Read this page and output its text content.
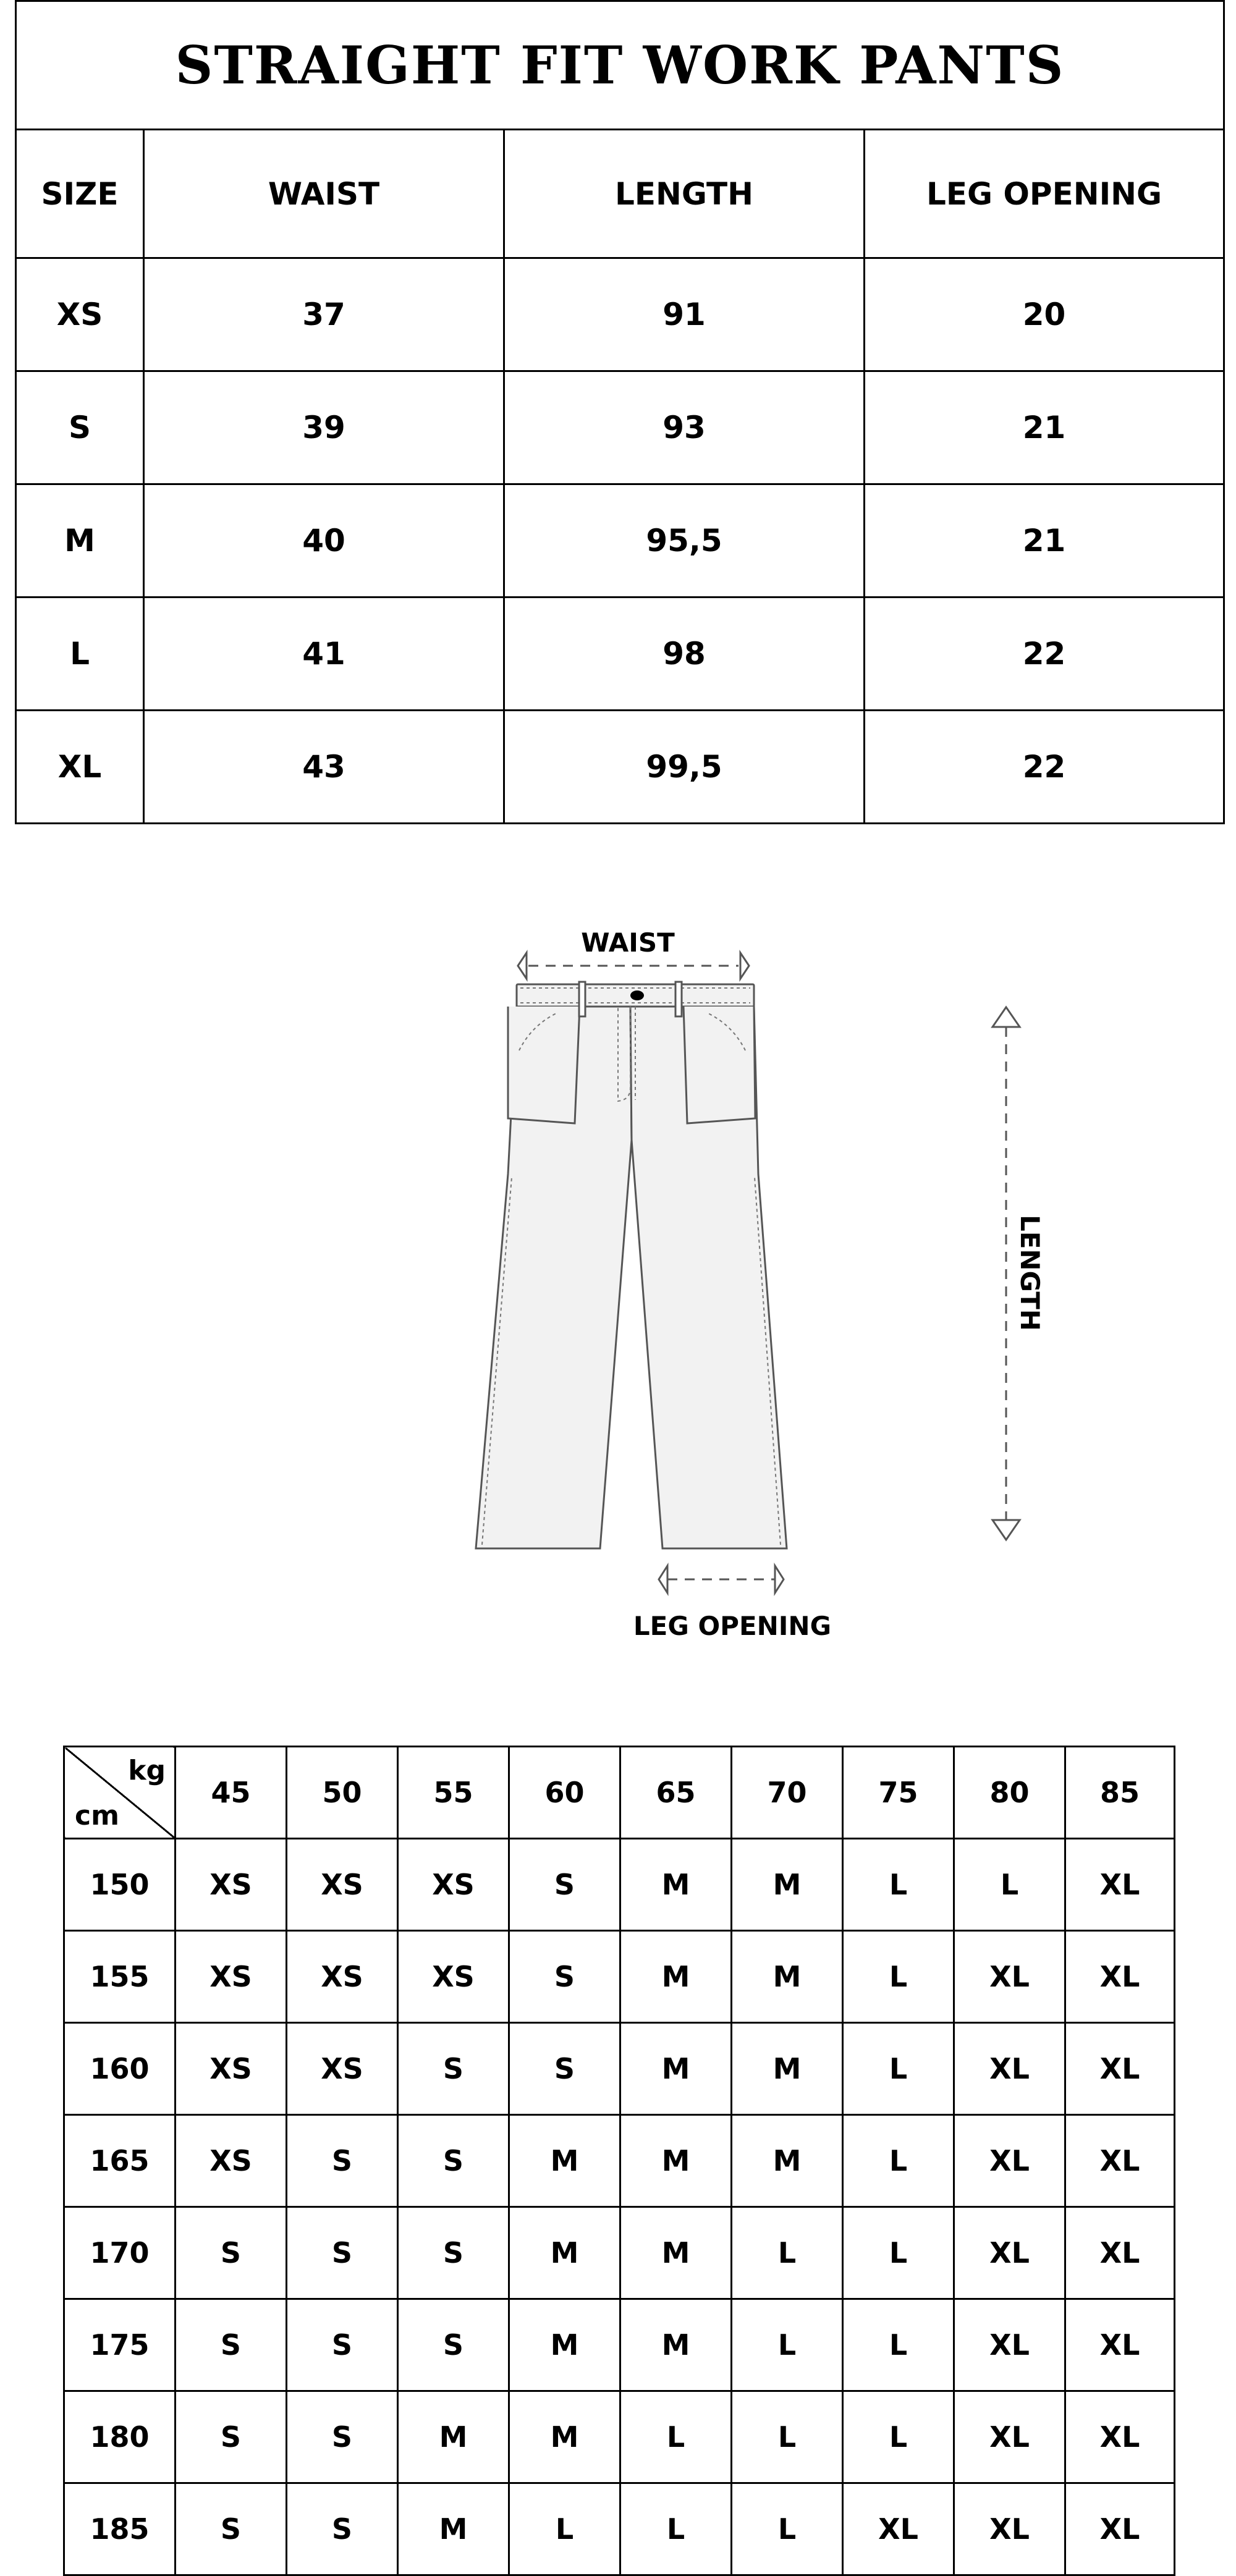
STRAIGHT FIT WORK PANTS			
SIZE	WAIST	LENGTH	LEG OPENING
XS	37	91	20
S	39	93	21
M	40	95,5	21
L	41	98	22
XL	43	99,5	22
WAIST
LENGTH
LEG OPENING
kg
cm	45	50	55	60	65	70	75	80	85
150	XS	XS	XS	S	M	M	L	L	XL
155	XS	XS	XS	S	M	M	L	XL	XL
160	XS	XS	S	S	M	M	L	XL	XL
165	XS	S	S	M	M	M	L	XL	XL
170	S	S	S	M	M	L	L	XL	XL
175	S	S	S	M	M	L	L	XL	XL
180	S	S	M	M	L	L	L	XL	XL
185	S	S	M	L	L	L	XL	XL	XL
